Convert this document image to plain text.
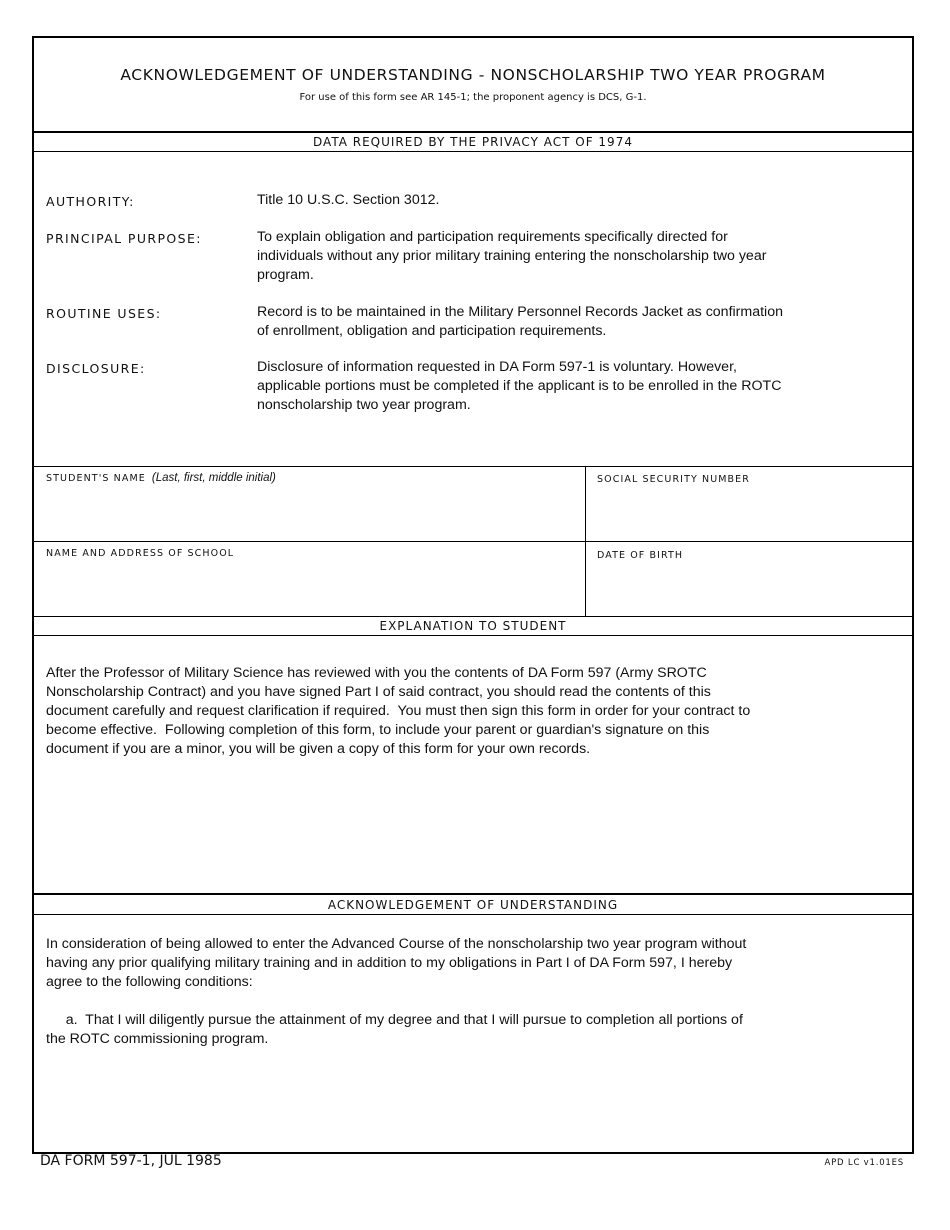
ACKNOWLEDGEMENT OF UNDERSTANDING - NONSCHOLARSHIP TWO YEAR PROGRAM
For use of this form see AR 145-1; the proponent agency is DCS, G-1.
DATA REQUIRED BY THE PRIVACY ACT OF 1974
AUTHORITY:	Title 10 U.S.C. Section 3012.
PRINCIPAL PURPOSE:	To explain obligation and participation requirements specifically directed for individuals without any prior military training entering the nonscholarship two year program.
ROUTINE USES:	Record is to be maintained in the Military Personnel Records Jacket as confirmation of enrollment, obligation and participation requirements.
DISCLOSURE:	Disclosure of information requested in DA Form 597-1 is voluntary. However, applicable portions must be completed if the applicant is to be enrolled in the ROTC nonscholarship two year program.
STUDENT'S NAME (Last, first, middle initial)	SOCIAL SECURITY NUMBER
NAME AND ADDRESS OF SCHOOL	DATE OF BIRTH
EXPLANATION TO STUDENT
After the Professor of Military Science has reviewed with you the contents of DA Form 597 (Army SROTC Nonscholarship Contract) and you have signed Part I of said contract, you should read the contents of this document carefully and request clarification if required.  You must then sign this form in order for your contract to become effective.  Following completion of this form, to include your parent or guardian's signature on this document if you are a minor, you will be given a copy of this form for your own records.
ACKNOWLEDGEMENT OF UNDERSTANDING
In consideration of being allowed to enter the Advanced Course of the nonscholarship two year program without having any prior qualifying military training and in addition to my obligations in Part I of DA Form 597, I hereby agree to the following conditions:
a.  That I will diligently pursue the attainment of my degree and that I will pursue to completion all portions of the ROTC commissioning program.
DA FORM 597-1, JUL 1985	APD LC v1.01ES
